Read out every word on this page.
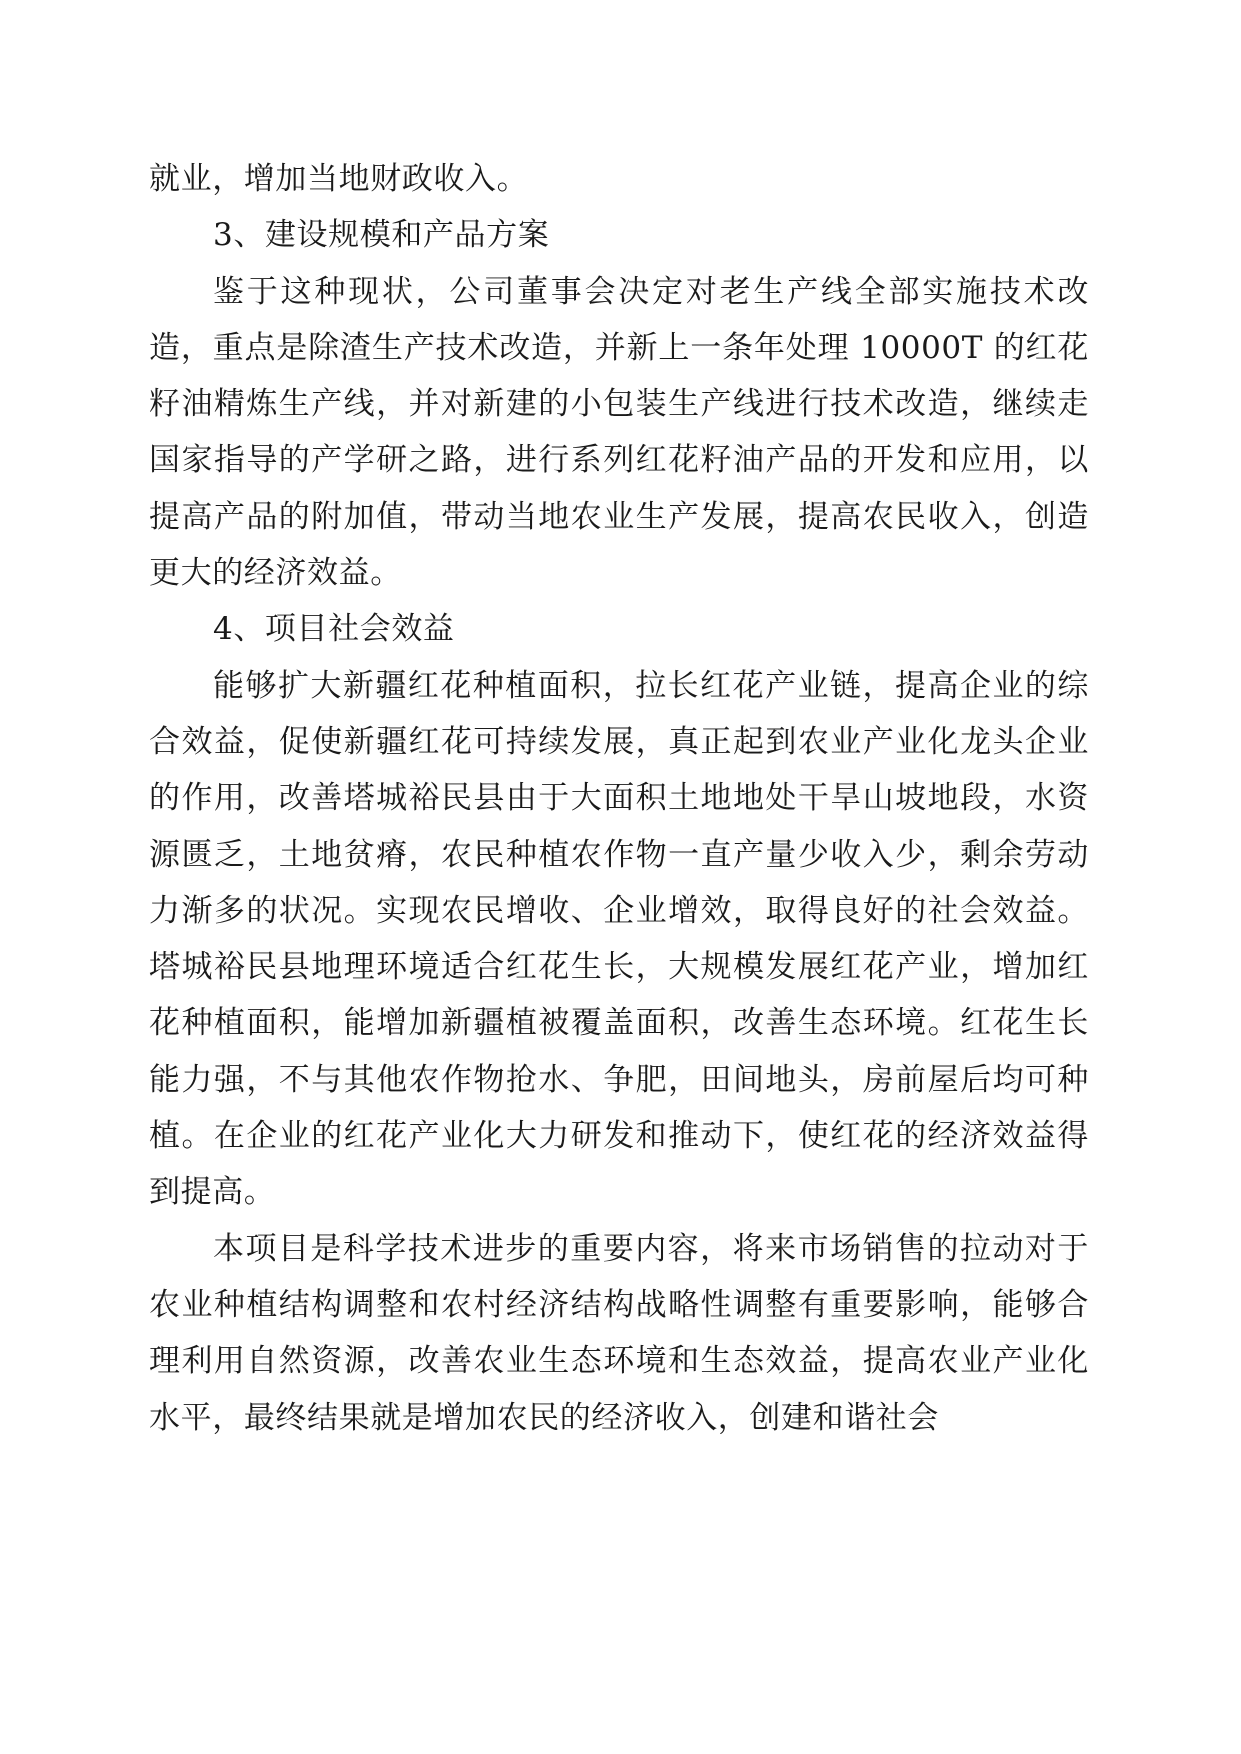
就业，增加当地财政收入。

3、建设规模和产品方案

鉴于这种现状，公司董事会决定对老生产线全部实施技术改造，重点是除渣生产技术改造，并新上一条年处理 10000T 的红花籽油精炼生产线，并对新建的小包装生产线进行技术改造，继续走国家指导的产学研之路，进行系列红花籽油产品的开发和应用，以提高产品的附加值，带动当地农业生产发展，提高农民收入，创造更大的经济效益。

4、项目社会效益

能够扩大新疆红花种植面积，拉长红花产业链，提高企业的综合效益，促使新疆红花可持续发展，真正起到农业产业化龙头企业的作用，改善塔城裕民县由于大面积土地地处干旱山坡地段，水资源匮乏，土地贫瘠，农民种植农作物一直产量少收入少，剩余劳动力渐多的状况。实现农民增收、企业增效，取得良好的社会效益。塔城裕民县地理环境适合红花生长，大规模发展红花产业，增加红花种植面积，能增加新疆植被覆盖面积，改善生态环境。红花生长能力强，不与其他农作物抢水、争肥，田间地头，房前屋后均可种植。在企业的红花产业化大力研发和推动下，使红花的经济效益得到提高。

本项目是科学技术进步的重要内容，将来市场销售的拉动对于农业种植结构调整和农村经济结构战略性调整有重要影响，能够合理利用自然资源，改善农业生态环境和生态效益，提高农业产业化水平，最终结果就是增加农民的经济收入，创建和谐社会
